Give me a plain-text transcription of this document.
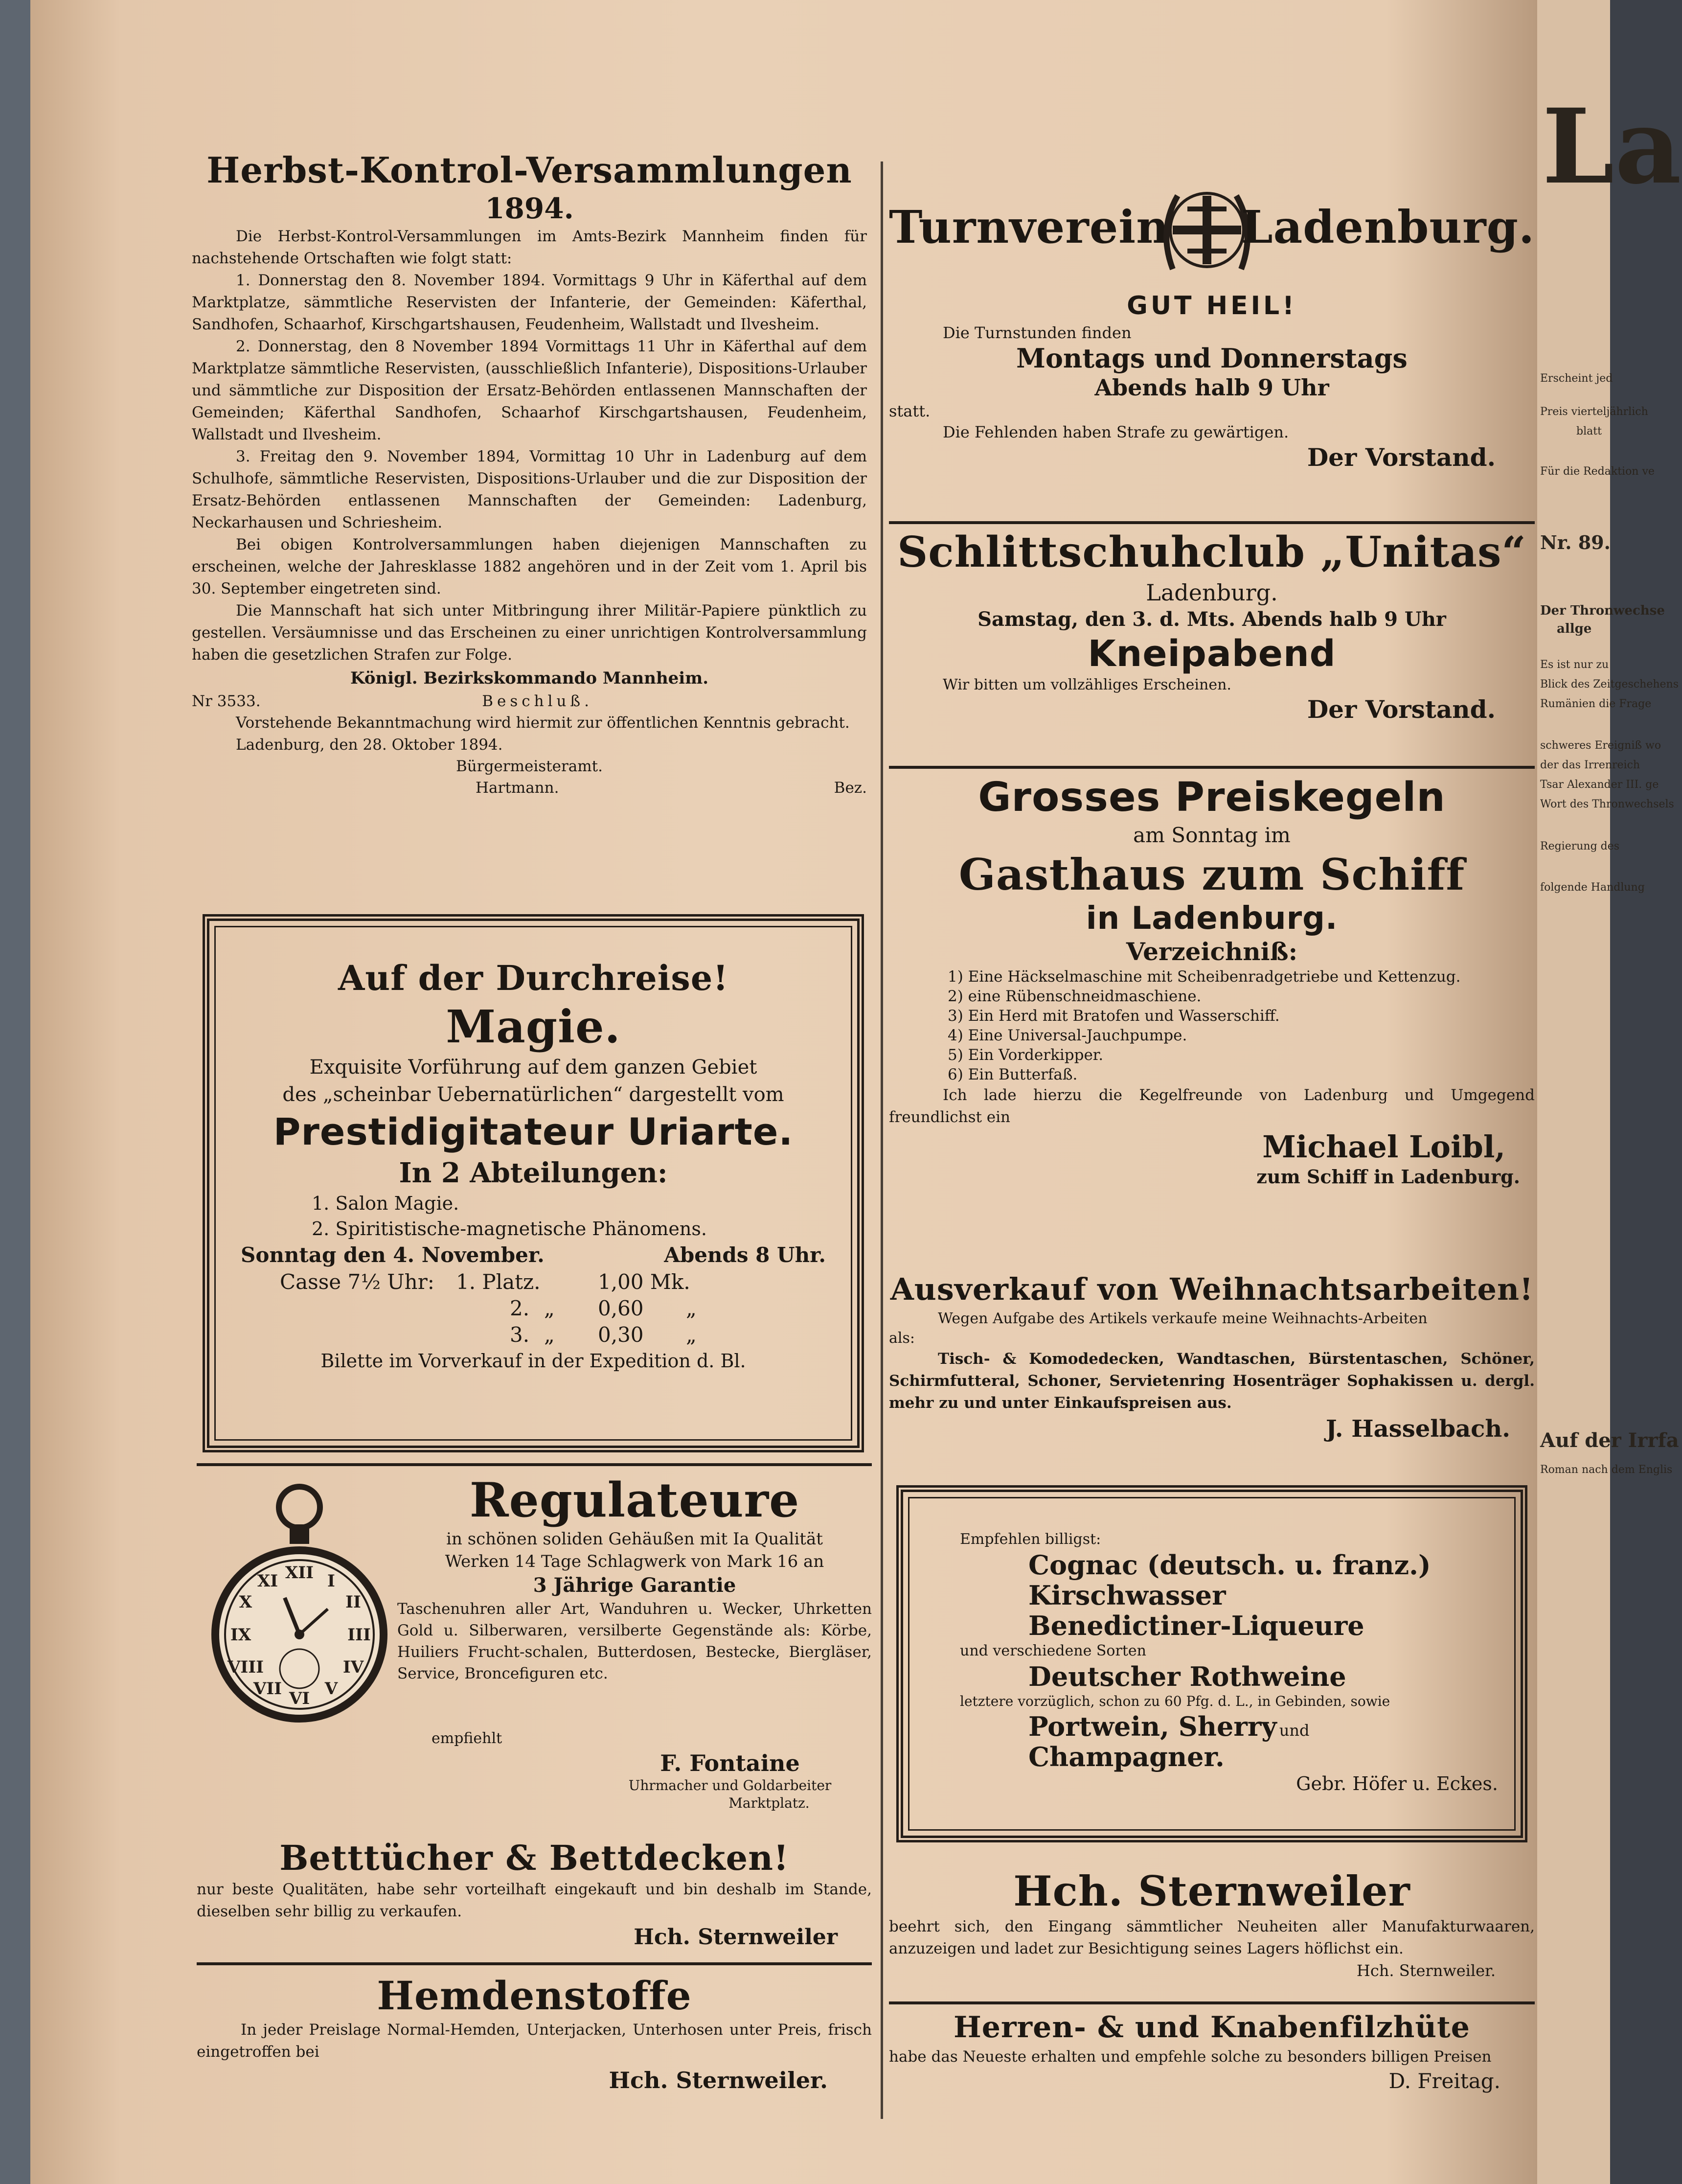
Herbst-Kontrol-Versammlungen
1894.

Die Herbst-Kontrol-Versammlungen im Amts-Bezirk Mannheim finden für nachstehende Ortschaften wie folgt statt:

1. Donnerstag den 8. November 1894. Vormittags 9 Uhr in Käferthal auf dem Marktplatze, sämmtliche Reservisten der Infanterie, der Gemeinden: Käferthal, Sandhofen, Schaarhof, Kirschgartshausen, Feudenheim, Wallstadt und Ilvesheim.

2. Donnerstag, den 8 November 1894 Vormittags 11 Uhr in Käferthal auf dem Marktplatze sämmtliche Reservisten, (ausschließlich Infanterie), Dispositions-Urlauber und sämmtliche zur Disposition der Ersatz-Behörden entlassenen Mannschaften der Gemeinden; Käferthal Sandhofen, Schaarhof Kirschgartshausen, Feudenheim, Wallstadt und Ilvesheim.

3. Freitag den 9. November 1894, Vormittag 10 Uhr in Ladenburg auf dem Schulhofe, sämmtliche Reservisten, Dispositions-Urlauber und die zur Disposition der Ersatz-Behörden entlassenen Mannschaften der Gemeinden: Ladenburg, Neckarhausen und Schriesheim.

Bei obigen Kontrolversammlungen haben diejenigen Mannschaften zu erscheinen, welche der Jahresklasse 1882 angehören und in der Zeit vom 1. April bis 30. September eingetreten sind.

Die Mannschaft hat sich unter Mitbringung ihrer Militär-Papiere pünktlich zu gestellen. Versäumnisse und das Erscheinen zu einer unrichtigen Kontrolversammlung haben die gesetzlichen Strafen zur Folge.

Königl. Bezirkskommando Mannheim.
Nr 3533.	Beschluß.

Vorstehende Bekanntmachung wird hiermit zur öffentlichen Kenntnis gebracht.

Ladenburg, den 28. Oktober 1894.
Bürgermeisteramt.
Hartmann.	Bez.
Auf der Durchreise!
Magie.
Exquisite Vorführung auf dem ganzen Gebiet
des „scheinbar Uebernatürlichen“ dargestellt vom
Prestidigitateur Uriarte.
In 2 Abteilungen:
1. Salon Magie.
2. Spiritistische-magnetische Phänomens.
Sonntag den 4. November.	Abends 8 Uhr.
Casse 7½ Uhr: 1. Platz.	1,00 Mk.
2. „ 0,60 „
3. „ 0,30 „
Bilette im Vorverkauf in der Expedition d. Bl.
XII I
II
III
IV
V
VI
VII
VIII
IX
X
XI
Regulateure
in schönen soliden Gehäußen mit Ia Qualität
Werken 14 Tage Schlagwerk von Mark 16 an
3 Jährige Garantie

Taschenuhren aller Art, Wanduhren u. Wecker, Uhrketten Gold u. Silberwaren, versilberte Gegenstände als: Körbe, Huiliers Frucht-schalen, Butterdosen, Bestecke, Biergläser, Service, Broncefiguren etc.

empfiehlt
F. Fontaine
Uhrmacher und Goldarbeiter
Marktplatz.
Betttücher & Bettdecken!

nur beste Qualitäten, habe sehr vorteilhaft eingekauft und bin deshalb im Stande, dieselben sehr billig zu verkaufen.

Hch. Sternweiler
Hemdenstoffe

In jeder Preislage Normal-Hemden, Unterjacken, Unterhosen unter Preis, frisch eingetroffen bei

Hch. Sternweiler.
Turnverein Ladenburg.
GUT HEIL!
Die Turnstunden finden
Montags und Donnerstags
Abends halb 9 Uhr
statt.
Die Fehlenden haben Strafe zu gewärtigen.
Der Vorstand.
Schlittschuhclub „Unitas“
Ladenburg.
Samstag, den 3. d. Mts. Abends halb 9 Uhr
Kneipabend
Wir bitten um vollzähliges Erscheinen.
Der Vorstand.
Grosses Preiskegeln
am Sonntag im
Gasthaus zum Schiff
in Ladenburg.
Verzeichniß:
1) Eine Häckselmaschine mit Scheibenradgetriebe und Kettenzug.
2) eine Rübenschneidmaschiene.
3) Ein Herd mit Bratofen und Wasserschiff.
4) Eine Universal-Jauchpumpe.
5) Ein Vorderkipper.
6) Ein Butterfaß.

Ich lade hierzu die Kegelfreunde von Ladenburg und Umgegend freundlichst ein

Michael Loibl,
zum Schiff in Ladenburg.
Ausverkauf von Weihnachtsarbeiten!
Wegen Aufgabe des Artikels verkaufe meine Weihnachts-Arbeiten
als:

Tisch- & Komodedecken, Wandtaschen, Bürstentaschen, Schöner, Schirmfutteral, Schoner, Servietenring Hosenträger Sophakissen u. dergl. mehr zu und unter Einkaufspreisen aus.

J. Hasselbach.
Empfehlen billigst:
Cognac (deutsch. u. franz.)
Kirschwasser
Benedictiner-Liqueure
und verschiedene Sorten
Deutscher Rothweine
letztere vorzüglich, schon zu 60 Pfg. d. L., in Gebinden, sowie
Portwein, Sherry und
Champagner.
Gebr. Höfer u. Eckes.
Hch. Sternweiler

beehrt sich, den Eingang sämmtlicher Neuheiten aller Manufakturwaaren, anzuzeigen und ladet zur Besichtigung seines Lagers höflichst ein.

Hch. Sternweiler.
Herren- & und Knabenfilzhüte

habe das Neueste erhalten und empfehle solche zu besonders billigen Preisen

D. Freitag.
La
Erscheint jed
Preis vierteljährlich
blatt
Für die Redaktion ve
Nr. 89.
Der Thronwechse
allge
Es ist nur zu
Blick des Zeitgeschehens
Rumänien die Frage
schweres Ereigniß wo
der das Irrenreich
Tsar Alexander III. ge
Wort des Thronwechsels
Regierung des
folgende Handlung
Auf der Irrfa
Roman nach dem Englis
